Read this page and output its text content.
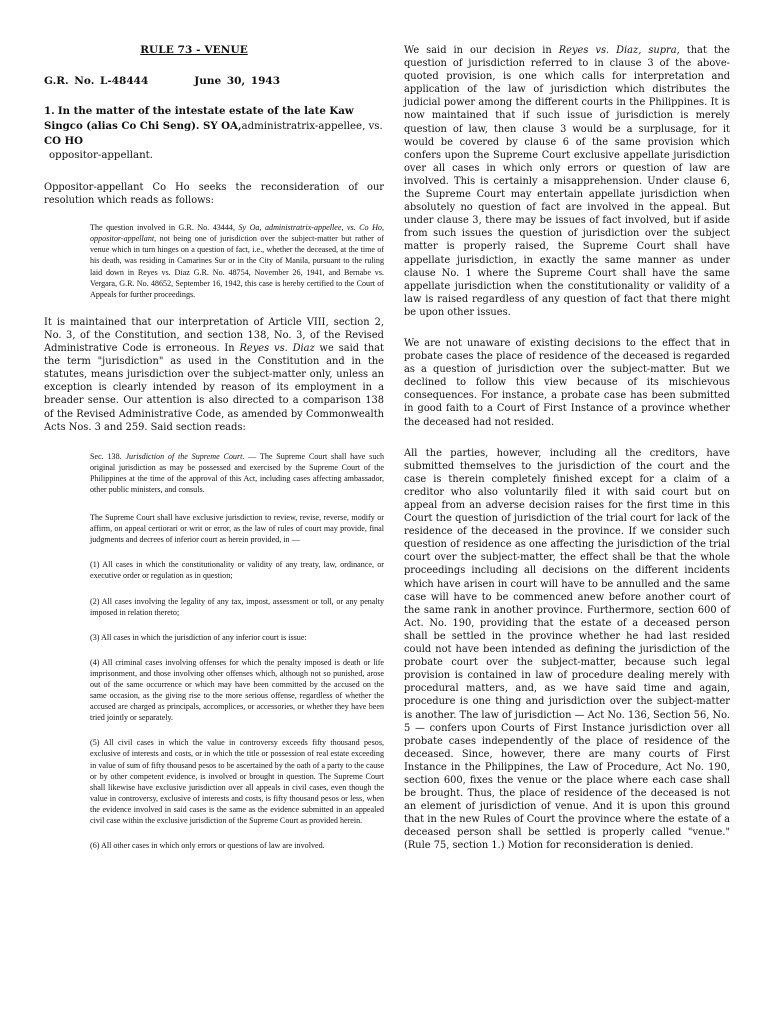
RULE 73 - VENUE

G.R. No. L-48444	June 30, 1943

1. In the matter of the intestate estate of the late Kaw Singco (alias Co Chi Seng). SY OA,administratrix-appellee, vs. CO HO
oppositor-appellant.

Oppositor-appellant Co Ho seeks the reconsideration of our resolution which reads as follows:

The question involved in G.R. No. 43444, Sy Oa, administratrix-appellee, vs. Co Ho, oppositor-appellant, not being one of jurisdiction over the subject-matter but rather of venue which in turn hinges on a question of fact, i.e., whether the deceased, at the time of his death, was residing in Camarines Sur or in the City of Manila, pursuant to the ruling laid down in Reyes vs. Diaz G.R. No. 48754, November 26, 1941, and Bernabe vs. Vergara, G.R. No. 48652, September 16, 1942, this case is hereby certified to the Court of Appeals for further proceedings.

It is maintained that our interpretation of Article VIII, section 2, No. 3, of the Constitution, and section 138, No. 3, of the Revised Administrative Code is erroneous. In Reyes vs. Diaz we said that the term "jurisdiction" as used in the Constitution and in the statutes, means jurisdiction over the subject-matter only, unless an exception is clearly intended by reason of its employment in a breader sense. Our attention is also directed to a comparison 138 of the Revised Administrative Code, as amended by Commonwealth Acts Nos. 3 and 259. Said section reads:

Sec. 138. Jurisdiction of the Supreme Court. — The Supreme Court shall have such original jurisdiction as may be possessed and exercised by the Supreme Court of the Philippines at the time of the approval of this Act, including cases affecting ambassador, other public ministers, and consuls.

The Supreme Court shall have exclusive jurisdiction to review, revise, reverse, modify or affirm, on appeal certiorari or writ or error, as the law of rules of court may provide, final judgments and decrees of inferior court as herein provided, in —

(1) All cases in which the constitutionality or validity of any treaty, law, ordinance, or executive order or regulation as in question;

(2) All cases involving the legality of any tax, impost, assessment or toll, or any penalty imposed in relation thereto;

(3) All cases in which the jurisdiction of any inferior court is issue:

(4) All criminal cases involving offenses for which the penalty imposed is death or life imprisonment, and those involving other offenses which, although not so punished, arose out of the same occurrence or which may have been committed by the accused on the same occasion, as the giving rise to the more serious offense, regardless of whether the accused are charged as principals, accomplices, or accessories, or whether they have been tried jointly or separately.

(5) All civil cases in which the value in controversy exceeds fifty thousand pesos, exclusive of interests and costs, or in which the title or possession of real estate exceeding in value of sum of fifty thousand pesos to be ascertained by the oath of a party to the cause or by other competent evidence, is involved or brought in question. The Supreme Court shall likewise have exclusive jurisdiction over all appeals in civil cases, even though the value in controversy, exclusive of interests and costs, is fifty thousand pesos or less, when the evidence involved in said cases is the same as the evidence submitted in an appealed civil case within the exclusive jurisdiction of the Supreme Court as provided herein.

(6) All other cases in which only errors or questions of law are involved.

We said in our decision in Reyes vs. Diaz, supra, that the question of jurisdiction referred to in clause 3 of the above-quoted provision, is one which calls for interpretation and application of the law of jurisdiction which distributes the judicial power among the different courts in the Philippines. It is now maintained that if such issue of jurisdiction is merely question of law, then clause 3 would be a surplusage, for it would be covered by clause 6 of the same provision which confers upon the Supreme Court exclusive appellate jurisdiction over all cases in which only errors or question of law are involved. This is certainly a misapprehension. Under clause 6, the Supreme Court may entertain appellate jurisdiction when absolutely no question of fact are involved in the appeal. But under clause 3, there may be issues of fact involved, but if aside from such issues the question of jurisdiction over the subject matter is properly raised, the Supreme Court shall have appellate jurisdiction, in exactly the same manner as under clause No. 1 where the Supreme Court shall have the same appellate jurisdiction when the constitutionality or validity of a law is raised regardless of any question of fact that there might be upon other issues.

We are not unaware of existing decisions to the effect that in probate cases the place of residence of the deceased is regarded as a question of jurisdiction over the subject-matter. But we declined to follow this view because of its mischievous consequences. For instance, a probate case has been submitted in good faith to a Court of First Instance of a province whether the deceased had not resided.

All the parties, however, including all the creditors, have submitted themselves to the jurisdiction of the court and the case is therein completely finished except for a claim of a creditor who also voluntarily filed it with said court but on appeal from an adverse decision raises for the first time in this Court the question of jurisdiction of the trial court for lack of the residence of the deceased in the province. If we consider such question of residence as one affecting the jurisdiction of the trial court over the subject-matter, the effect shall be that the whole proceedings including all decisions on the different incidents which have arisen in court will have to be annulled and the same case will have to be commenced anew before another court of the same rank in another province. Furthermore, section 600 of Act. No. 190, providing that the estate of a deceased person shall be settled in the province whether he had last resided could not have been intended as defining the jurisdiction of the probate court over the subject-matter, because such legal provision is contained in law of procedure dealing merely with procedural matters, and, as we have said time and again, procedure is one thing and jurisdiction over the subject-matter is another. The law of jurisdiction — Act No. 136, Section 56, No. 5 — confers upon Courts of First Instance jurisdiction over all probate cases independently of the place of residence of the deceased. Since, however, there are many courts of First Instance in the Philippines, the Law of Procedure, Act No. 190, section 600, fixes the venue or the place where each case shall be brought. Thus, the place of residence of the deceased is not an element of jurisdiction of venue. And it is upon this ground that in the new Rules of Court the province where the estate of a deceased person shall be settled is properly called "venue." (Rule 75, section 1.) Motion for reconsideration is denied.
